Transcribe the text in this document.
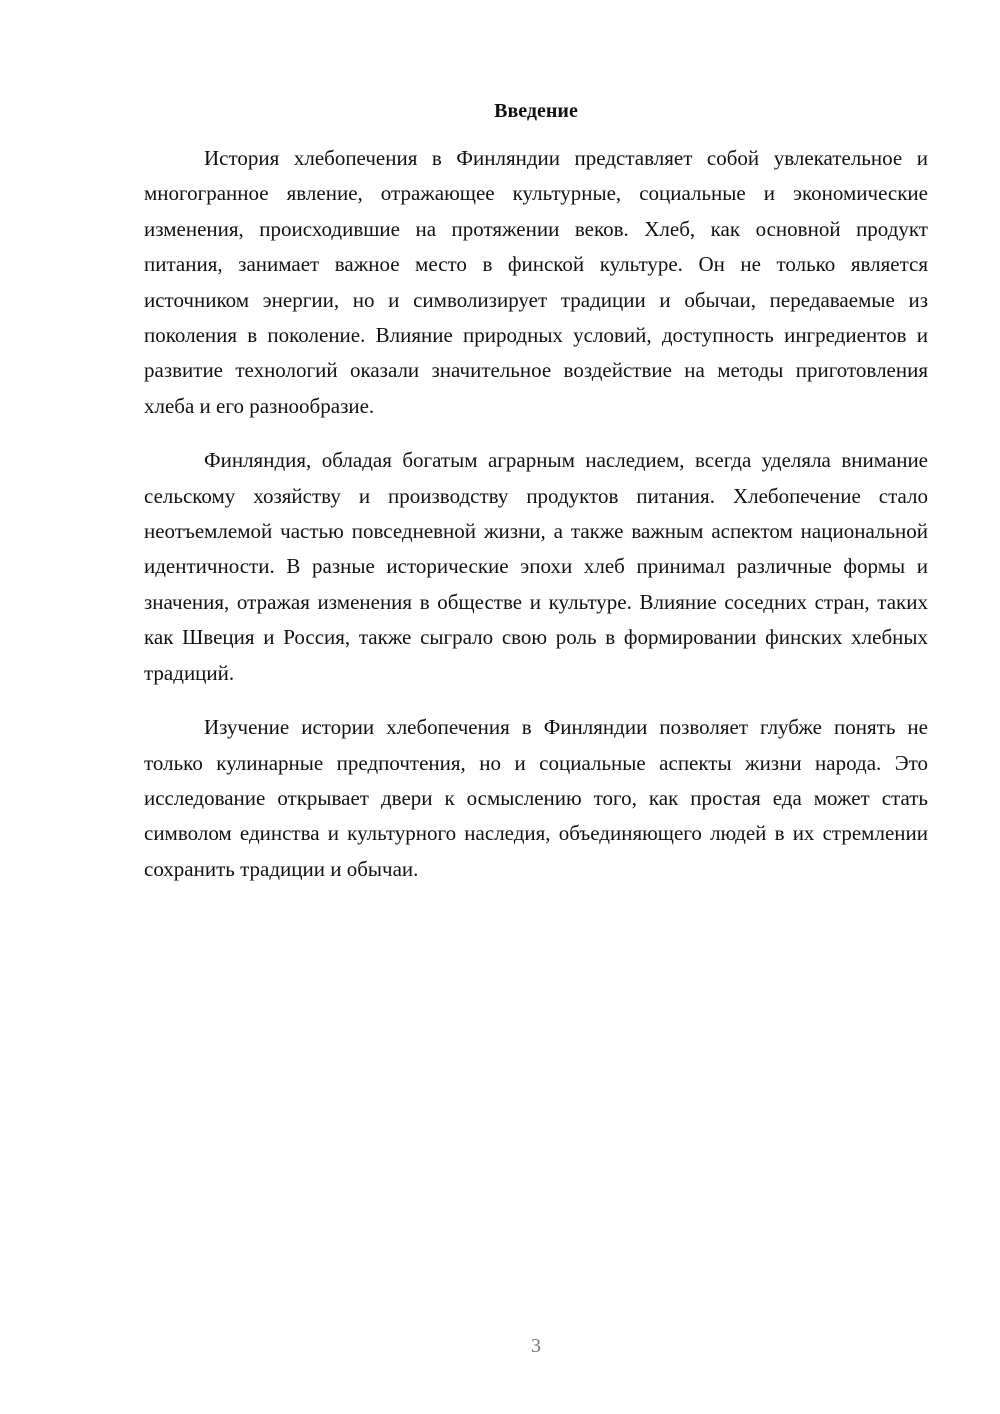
Введение

История хлебопечения в Финляндии представляет собой увлекательное и многогранное явление, отражающее культурные, социальные и экономические изменения, происходившие на протяжении веков. Хлеб, как основной продукт питания, занимает важное место в финской культуре. Он не только является источником энергии, но и символизирует традиции и обычаи, передаваемые из поколения в поколение. Влияние природных условий, доступность ингредиентов и развитие технологий оказали значительное воздействие на методы приготовления хлеба и его разнообразие.

Финляндия, обладая богатым аграрным наследием, всегда уделяла внимание сельскому хозяйству и производству продуктов питания. Хлебопечение стало неотъемлемой частью повседневной жизни, а также важным аспектом национальной идентичности. В разные исторические эпохи хлеб принимал различные формы и значения, отражая изменения в обществе и культуре. Влияние соседних стран, таких как Швеция и Россия, также сыграло свою роль в формировании финских хлебных традиций.

Изучение истории хлебопечения в Финляндии позволяет глубже понять не только кулинарные предпочтения, но и социальные аспекты жизни народа. Это исследование открывает двери к осмыслению того, как простая еда может стать символом единства и культурного наследия, объединяющего людей в их стремлении сохранить традиции и обычаи.

3
